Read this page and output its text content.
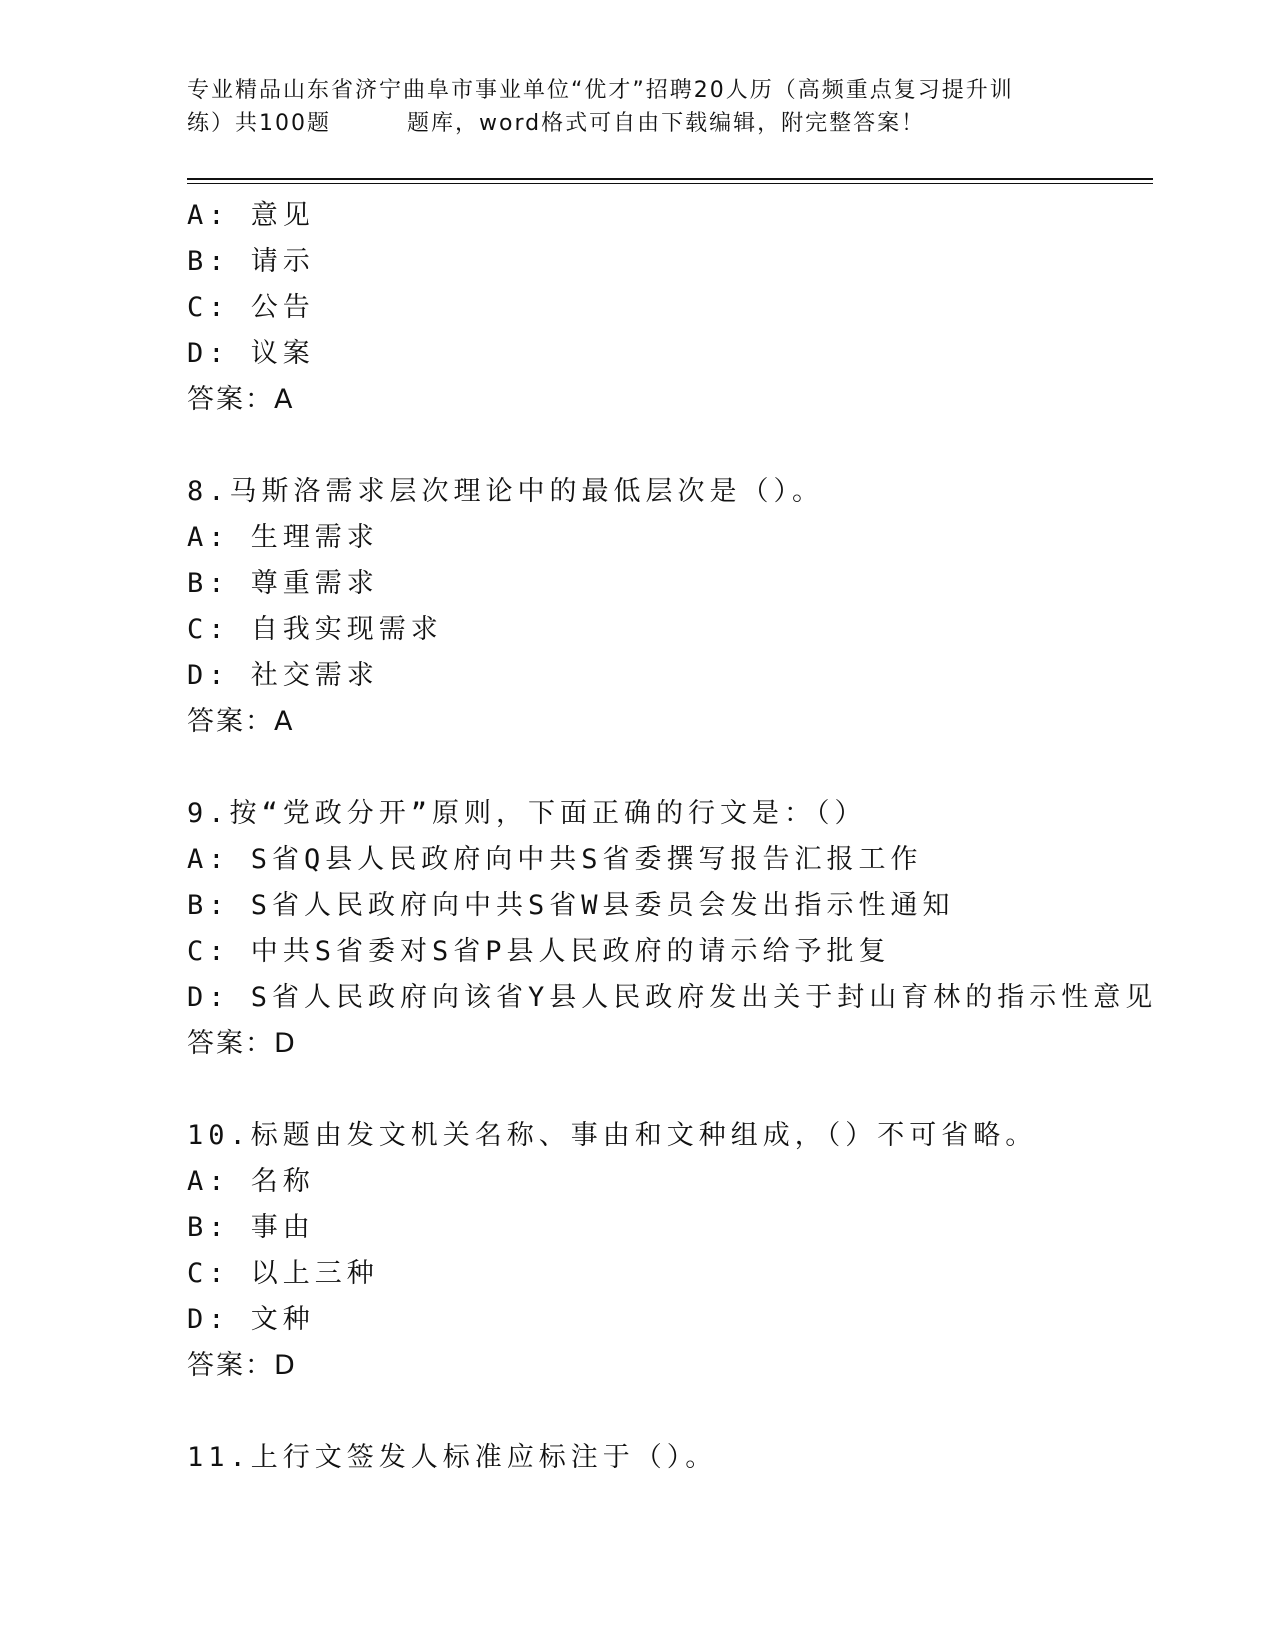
专业精品山东省济宁曲阜市事业单位“优才”招聘20人历（高频重点复习提升训
练）共100题	题库，word格式可自由下载编辑，附完整答案！
A: 意见
B: 请示
C: 公告
D: 议案
答案：A
8.马斯洛需求层次理论中的最低层次是（）。
A: 生理需求
B: 尊重需求
C: 自我实现需求
D: 社交需求
答案：A
9.按“党政分开”原则，下面正确的行文是：（）
A: S省Q县人民政府向中共S省委撰写报告汇报工作
B: S省人民政府向中共S省W县委员会发出指示性通知
C: 中共S省委对S省P县人民政府的请示给予批复
D: S省人民政府向该省Y县人民政府发出关于封山育林的指示性意见
答案：D
10.标题由发文机关名称、事由和文种组成，（）不可省略。
A: 名称
B: 事由
C: 以上三种
D: 文种
答案：D
11.上行文签发人标准应标注于（）。
